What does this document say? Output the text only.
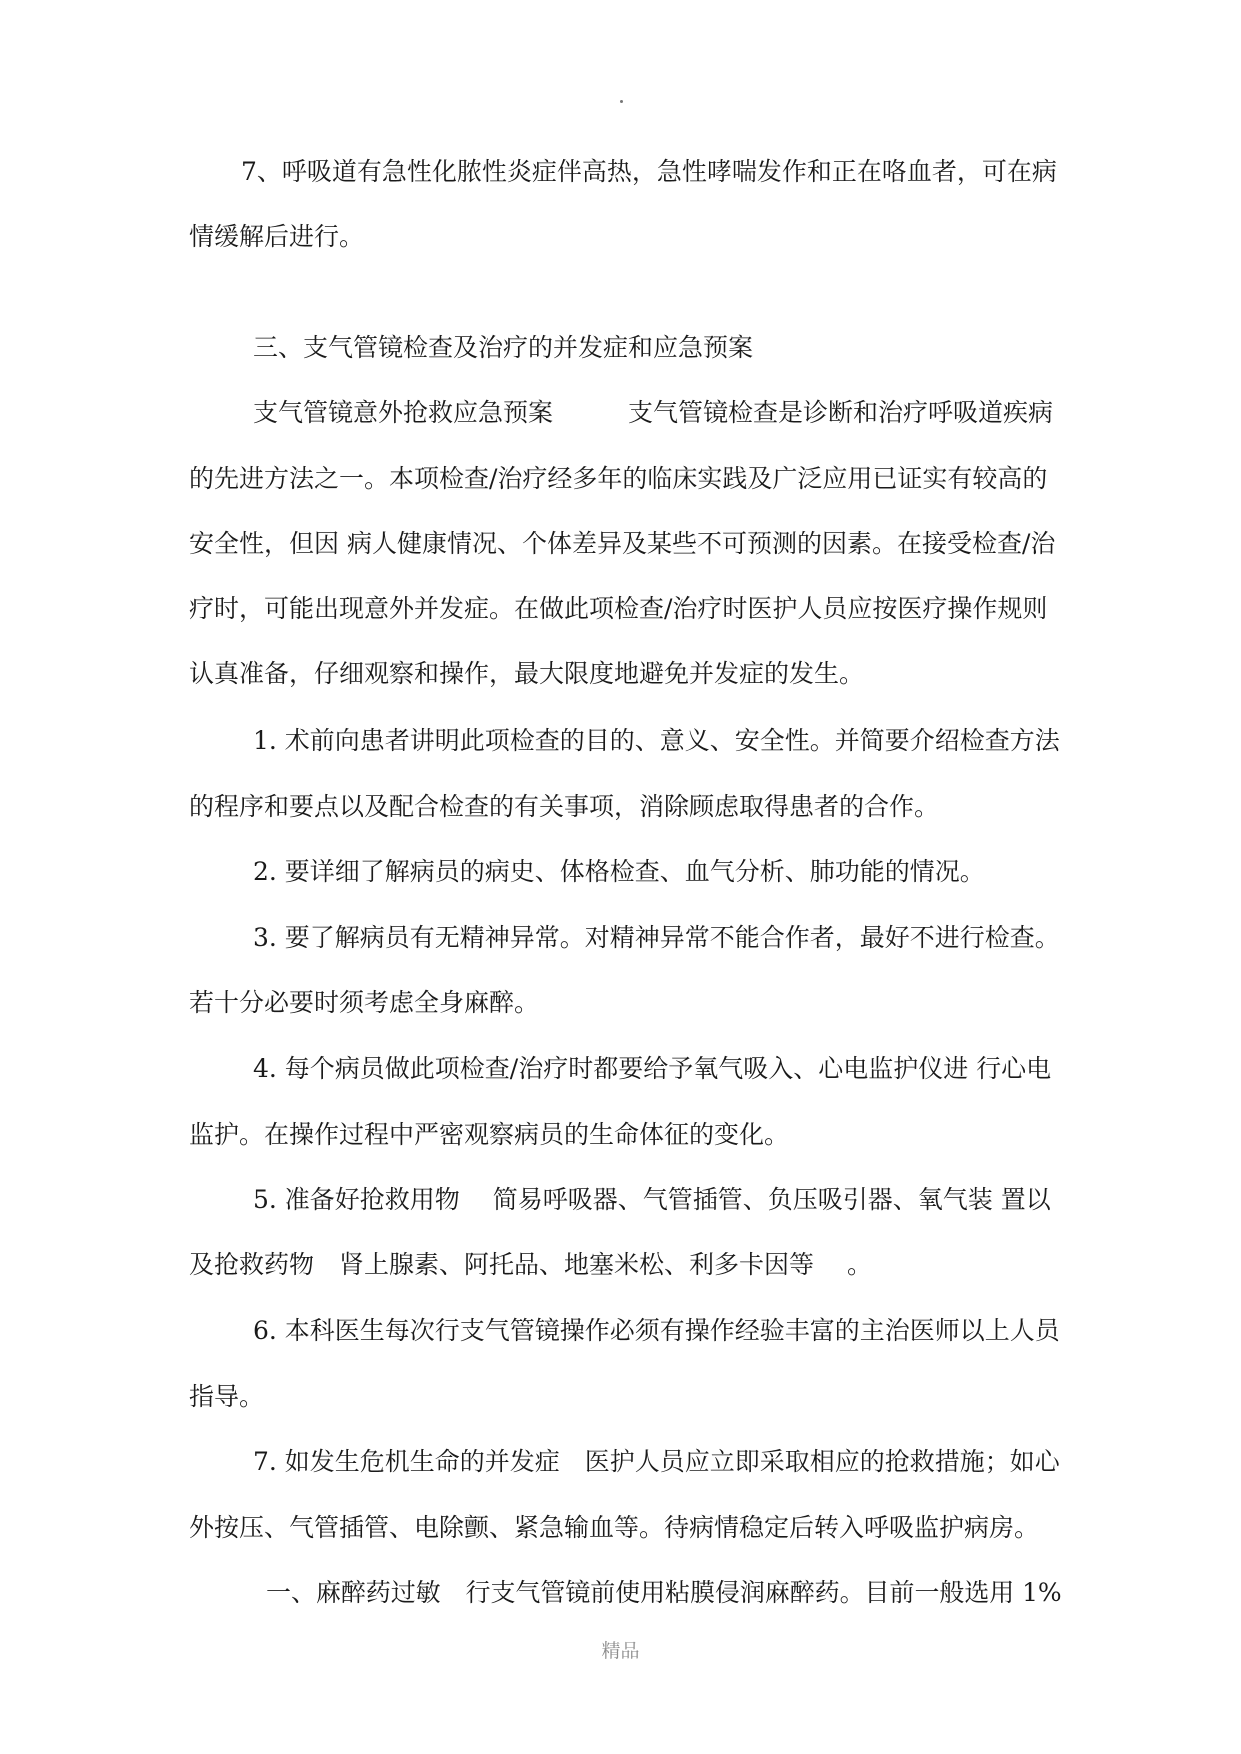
7、呼吸道有急性化脓性炎症伴高热，急性哮喘发作和正在咯血者，可在病
情缓解后进行。
三、支气管镜检查及治疗的并发症和应急预案
支气管镜意外抢救应急预案　　　支气管镜检查是诊断和治疗呼吸道疾病
的先进方法之一。本项检查/治疗经多年的临床实践及广泛应用已证实有较高的
安全性，但因 病人健康情况、个体差异及某些不可预测的因素。在接受检查/治
疗时，可能出现意外并发症。在做此项检查/治疗时医护人员应按医疗操作规则
认真准备，仔细观察和操作，最大限度地避免并发症的发生。
1. 术前向患者讲明此项检查的目的、意义、安全性。并简要介绍检查方法
的程序和要点以及配合检查的有关事项，消除顾虑取得患者的合作。
2. 要详细了解病员的病史、体格检查、血气分析、肺功能的情况。
3. 要了解病员有无精神异常。对精神异常不能合作者，最好不进行检查。
若十分必要时须考虑全身麻醉。
4. 每个病员做此项检查/治疗时都要给予氧气吸入、心电监护仪进 行心电
监护。在操作过程中严密观察病员的生命体征的变化。
5. 准备好抢救用物　 简易呼吸器、气管插管、负压吸引器、氧气装 置以
及抢救药物　肾上腺素、阿托品、地塞米松、利多卡因等　 。
6. 本科医生每次行支气管镜操作必须有操作经验丰富的主治医师以上人员
指导。
7. 如发生危机生命的并发症　医护人员应立即采取相应的抢救措施；如心
外按压、气管插管、电除颤、紧急输血等。待病情稳定后转入呼吸监护病房。
一、麻醉药过敏　行支气管镜前使用粘膜侵润麻醉药。目前一般选用 1%
精品
